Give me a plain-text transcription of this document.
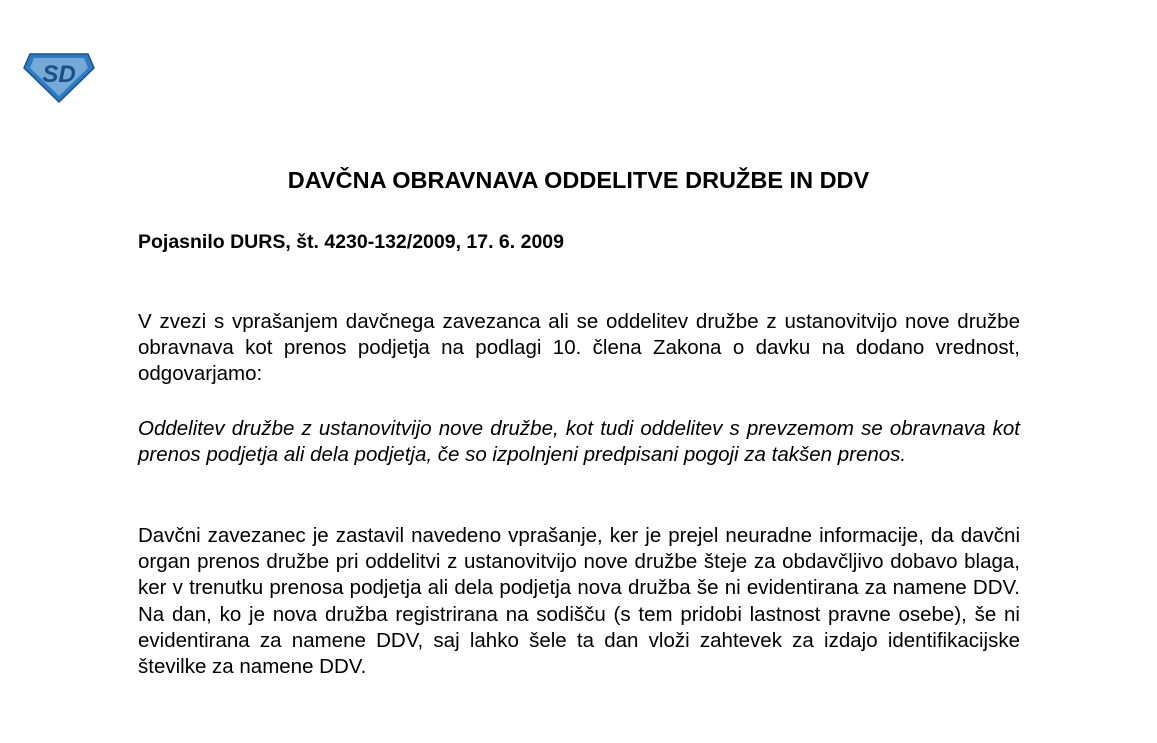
SD
DAVČNA OBRAVNAVA ODDELITVE DRUŽBE IN DDV

Pojasnilo DURS, št. 4230-132/2009, 17. 6. 2009

V zvezi s vprašanjem davčnega zavezanca ali se oddelitev družbe z ustanovitvijo nove družbe obravnava kot prenos podjetja na podlagi 10. člena Zakona o davku na dodano vrednost, odgovarjamo:

Oddelitev družbe z ustanovitvijo nove družbe, kot tudi oddelitev s prevzemom se obravnava kot prenos podjetja ali dela podjetja, če so izpolnjeni predpisani pogoji za takšen prenos.

Davčni zavezanec je zastavil navedeno vprašanje, ker je prejel neuradne informacije, da davčni organ prenos družbe pri oddelitvi z ustanovitvijo nove družbe šteje za obdavčljivo dobavo blaga, ker v trenutku prenosa podjetja ali dela podjetja nova družba še ni evidentirana za namene DDV. Na dan, ko je nova družba registrirana na sodišču (s tem pridobi lastnost pravne osebe), še ni evidentirana za namene DDV, saj lahko šele ta dan vloži zahtevek za izdajo identifikacijske številke za namene DDV.
